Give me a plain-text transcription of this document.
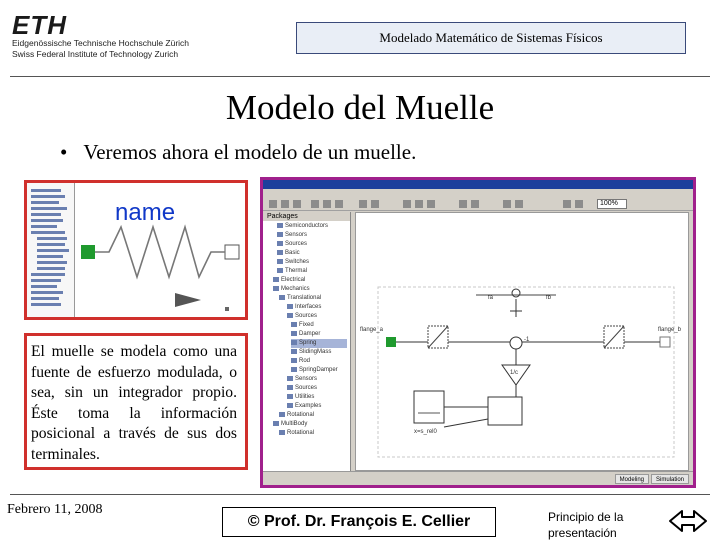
ETH
Eidgenössische Technische Hochschule Zürich
Swiss Federal Institute of Technology Zurich
Modelado Matemático de Sistemas Físicos
Modelo del Muelle
• Veremos ahora el modelo de un muelle.
name	100%
Packages
Semiconductors
Sensors
Sources
Basic
Switches
Thermal
Electrical
Mechanics
Translational
Interfaces
Sources
Fixed
Damper
Spring
SlidingMass
Rod
SpringDamper
Sensors
Sources
Utilities
Examples
Rotational
MultiBody
Rotational
flange_a	flange_b
fa	fb
-1
1/c
x=s_rel0
Modeling	Simulation

El muelle se modela como una fuente de esfuerzo modulada, o sea, sin un integrador propio. Éste toma la información posicional a través de sus dos terminales.

Febrero 11, 2008
© Prof. Dr. François E. Cellier	Principio de la
presentación
